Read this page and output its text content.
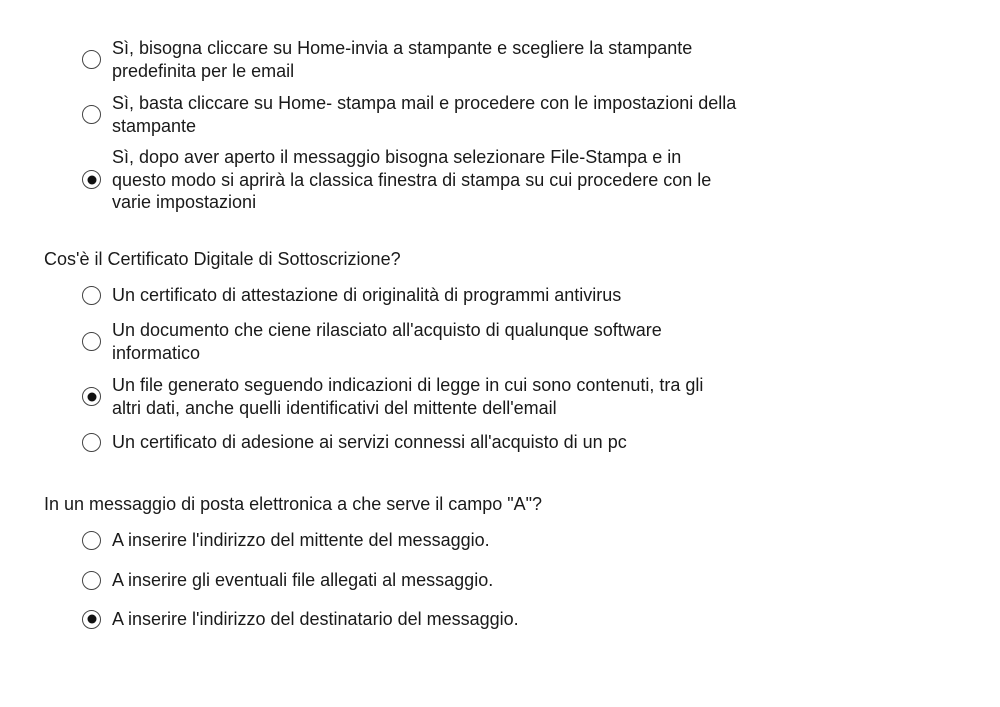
Sì, bisogna cliccare su Home-invia a stampante e scegliere la stampante predefinita per le email
Sì, basta cliccare su Home- stampa mail e procedere con le impostazioni della stampante
Sì, dopo aver aperto il messaggio bisogna selezionare File-Stampa e in questo modo si aprirà la classica finestra di stampa su cui procedere con le varie impostazioni
Cos'è il Certificato Digitale di Sottoscrizione?
Un certificato di attestazione di originalità di programmi antivirus
Un documento che ciene rilasciato all'acquisto di qualunque software informatico
Un file generato seguendo indicazioni di legge in cui sono contenuti, tra gli altri dati, anche quelli identificativi del mittente dell'email
Un certificato di adesione ai servizi connessi all'acquisto di un pc
In un messaggio di posta elettronica a che serve il campo "A"?
A inserire l'indirizzo del mittente del messaggio.
A inserire gli eventuali file allegati al messaggio.
A inserire l'indirizzo del destinatario del messaggio.
